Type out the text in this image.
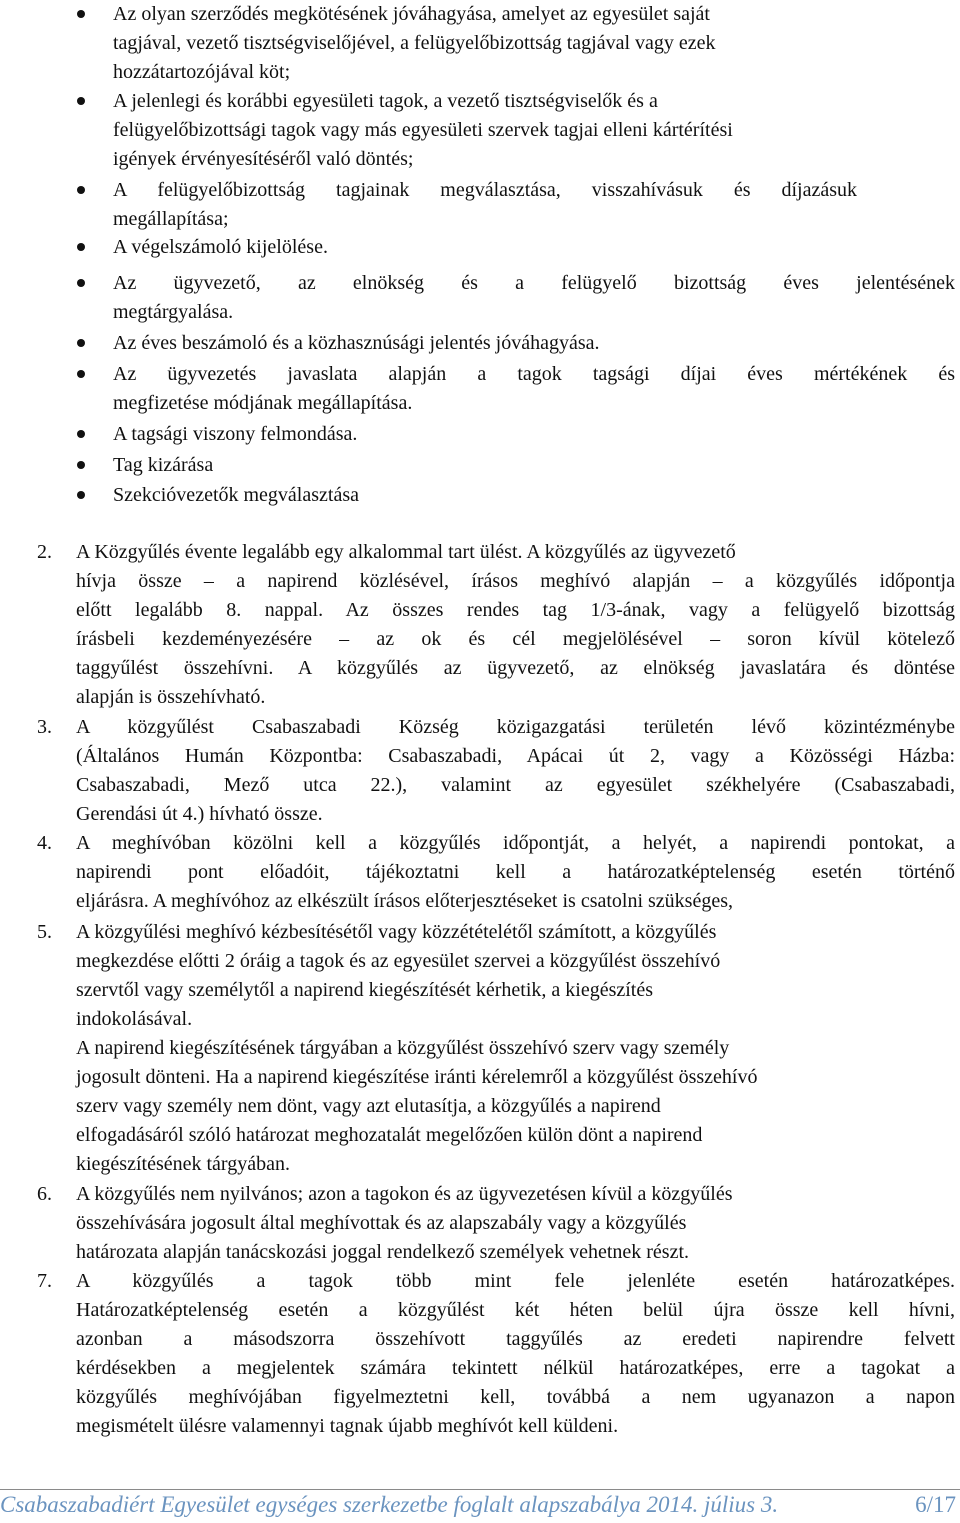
Az olyan szerződés megkötésének jóváhagyása, amelyet az egyesület saját
tagjával, vezető tisztségviselőjével, a felügyelőbizottság tagjával vagy ezek
hozzátartozójával köt;
A jelenlegi és korábbi egyesületi tagok, a vezető tisztségviselők és a
felügyelőbizottsági tagok vagy más egyesületi szervek tagjai elleni kártérítési
igények érvényesítéséről való döntés;
A felügyelőbizottság tagjainak megválasztása, visszahívásuk és díjazásuk
megállapítása;
A végelszámoló kijelölése.
Az ügyvezető, az elnökség és a felügyelő bizottság éves jelentésének
megtárgyalása.
Az éves beszámoló és a közhasznúsági jelentés jóváhagyása.
Az ügyvezetés javaslata alapján a tagok tagsági díjai éves mértékének és
megfizetése módjának megállapítása.
A tagsági viszony felmondása.
Tag kizárása
Szekcióvezetők megválasztása
2. A Közgyűlés évente legalább egy alkalommal tart ülést. A közgyűlés az ügyvezető
hívja össze – a napirend közlésével, írásos meghívó alapján – a közgyűlés időpontja
előtt legalább 8. nappal. Az összes rendes tag 1/3-ának, vagy a felügyelő bizottság
írásbeli kezdeményezésére – az ok és cél megjelölésével – soron kívül kötelező
taggyűlést összehívni. A közgyűlés az ügyvezető, az elnökség javaslatára és döntése
alapján is összehívható.
3. A közgyűlést Csabaszabadi Község közigazgatási területén lévő közintézménybe
(Általános Humán Központba: Csabaszabadi, Apácai út 2, vagy a Közösségi Házba:
Csabaszabadi, Mező utca 22.), valamint az egyesület székhelyére (Csabaszabadi,
Gerendási út 4.) hívható össze.
4. A meghívóban közölni kell a közgyűlés időpontját, a helyét, a napirendi pontokat, a
napirendi pont előadóit, tájékoztatni kell a határozatképtelenség esetén történő
eljárásra. A meghívóhoz az elkészült írásos előterjesztéseket is csatolni szükséges,
5. A közgyűlési meghívó kézbesítésétől vagy közzétételétől számított, a közgyűlés
megkezdése előtti 2 óráig a tagok és az egyesület szervei a közgyűlést összehívó
szervtől vagy személytől a napirend kiegészítését kérhetik, a kiegészítés
indokolásával.
A napirend kiegészítésének tárgyában a közgyűlést összehívó szerv vagy személy
jogosult dönteni. Ha a napirend kiegészítése iránti kérelemről a közgyűlést összehívó
szerv vagy személy nem dönt, vagy azt elutasítja, a közgyűlés a napirend
elfogadásáról szóló határozat meghozatalát megelőzően külön dönt a napirend
kiegészítésének tárgyában.
6. A közgyűlés nem nyilvános; azon a tagokon és az ügyvezetésen kívül a közgyűlés
összehívására jogosult által meghívottak és az alapszabály vagy a közgyűlés
határozata alapján tanácskozási joggal rendelkező személyek vehetnek részt.
7. A közgyűlés a tagok több mint fele jelenléte esetén határozatképes.
Határozatképtelenség esetén a közgyűlést két héten belül újra össze kell hívni,
azonban a másodszorra összehívott taggyűlés az eredeti napirendre felvett
kérdésekben a megjelentek számára tekintett nélkül határozatképes, erre a tagokat a
közgyűlés meghívójában figyelmeztetni kell, továbbá a nem ugyanazon a napon
megismételt ülésre valamennyi tagnak újabb meghívót kell küldeni.
Csabaszabadiért Egyesület egységes szerkezetbe foglalt alapszabálya 2014. július 3.	6/17
